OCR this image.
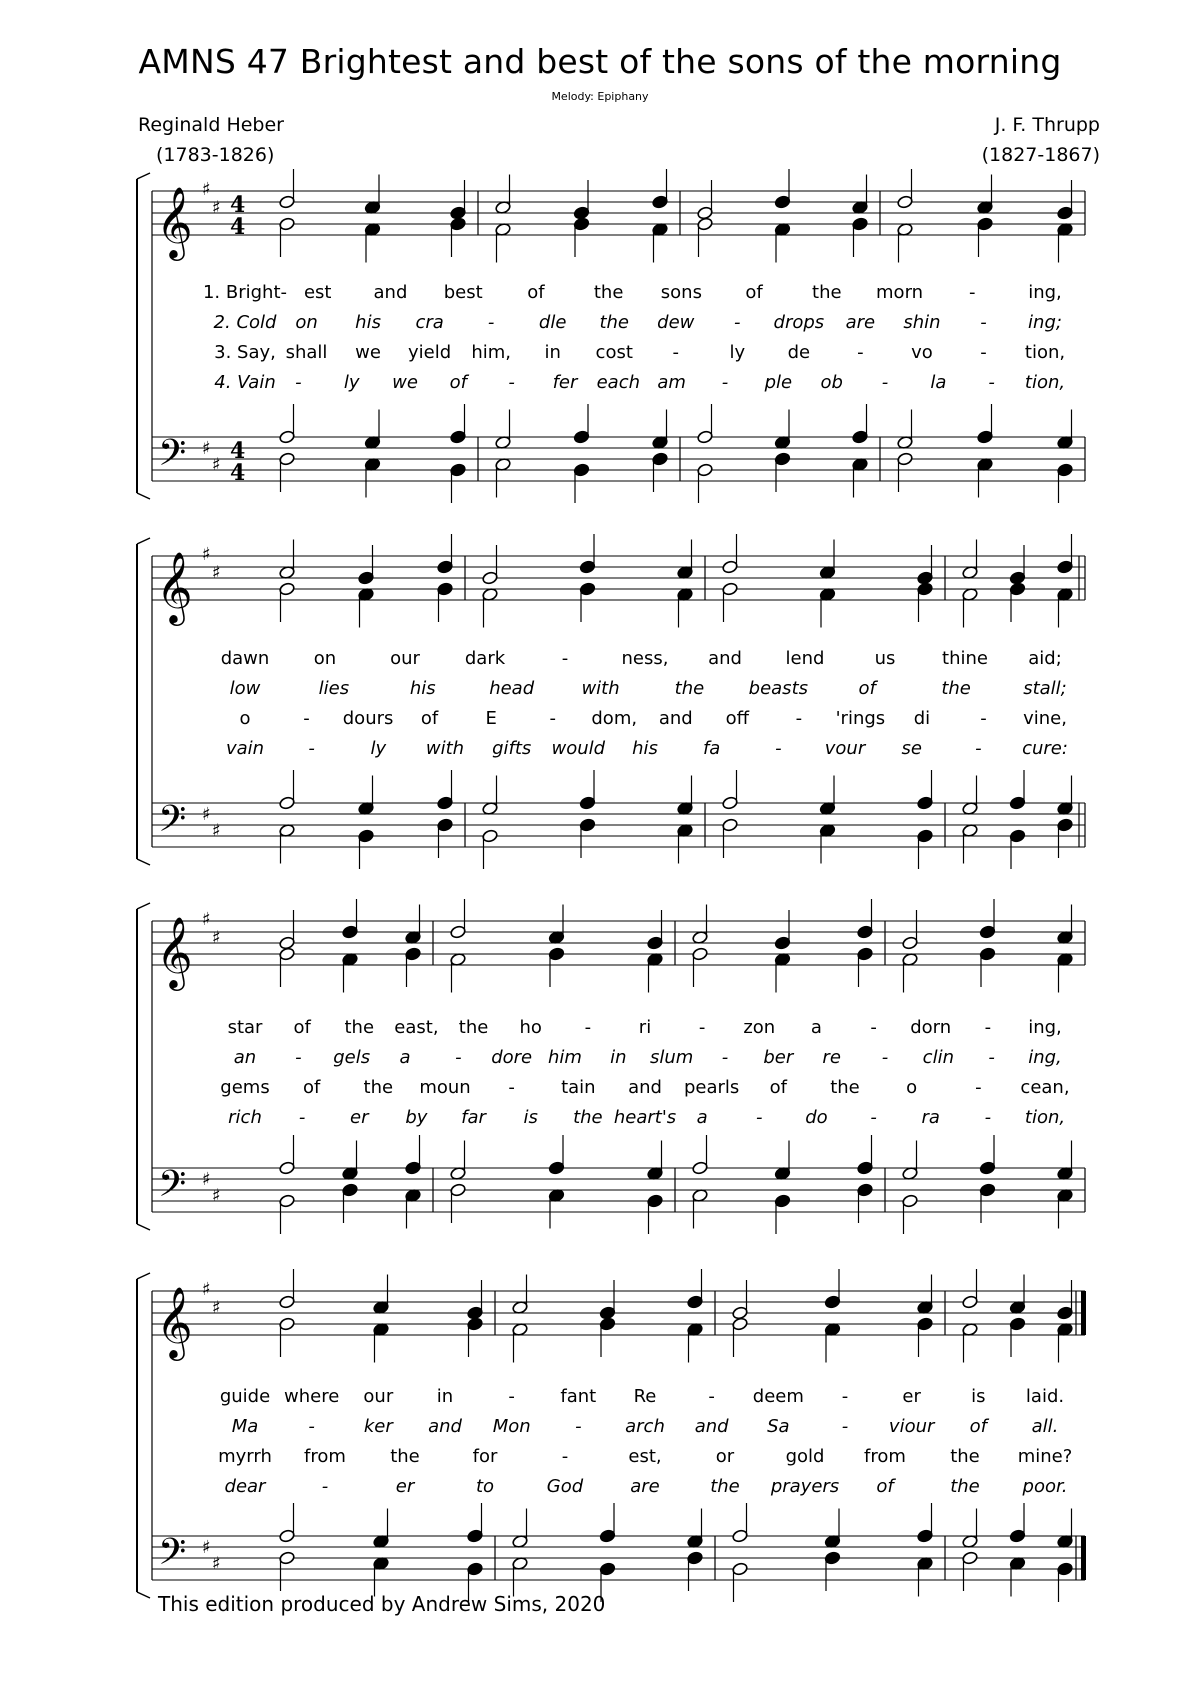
AMNS 47 Brightest and best of the sons of the morning
Melody: Epiphany
Reginald Heber
(1783-1826)
J. F. Thrupp
(1827-1867)
𝄞 ♯
♯ 4
4
𝄢 ♯
♯
4
4
1. Bright- est and best of	the sons of	the morn	-	ing,
2. Cold on his cra - dle the dew - drops are shin - ing;
3. Say, shall we yield him, in cost -	ly de	-	vo	- tion,
4. Vain - ly we of - fer each am - ple ob - la - tion,
𝄞 ♯
♯
𝄢 ♯
♯
dawn on	our dark	-	ness, and lend	us	thine aid;
low	lies	his	head	with	the beasts	of	the	stall;
o	- dours of	E	- dom, and off	- 'rings di	- vine,
vain -	ly with gifts would his	fa	- vour se	- cure:
𝄞 ♯
♯
𝄢 ♯
♯
star of the east, the ho -	ri	- zon a	- dorn - ing,
an - gels a - dore him in slum - ber re - clin - ing,
gems of the moun -	tain and pearls of the	o	- cean,
rich - er by far is the heart's a	- do - ra - tion,
𝄞 ♯
♯
𝄢 ♯
♯
guide where our in	-	fant Re	- deem -	er	is laid.
Ma	-	ker and Mon - arch and Sa	- viour of all.
myrrh from the	for	-	est,	or	gold from the mine?
dear	-	er	to	God	are	the prayers of	the poor.
This edition produced by Andrew Sims, 2020
